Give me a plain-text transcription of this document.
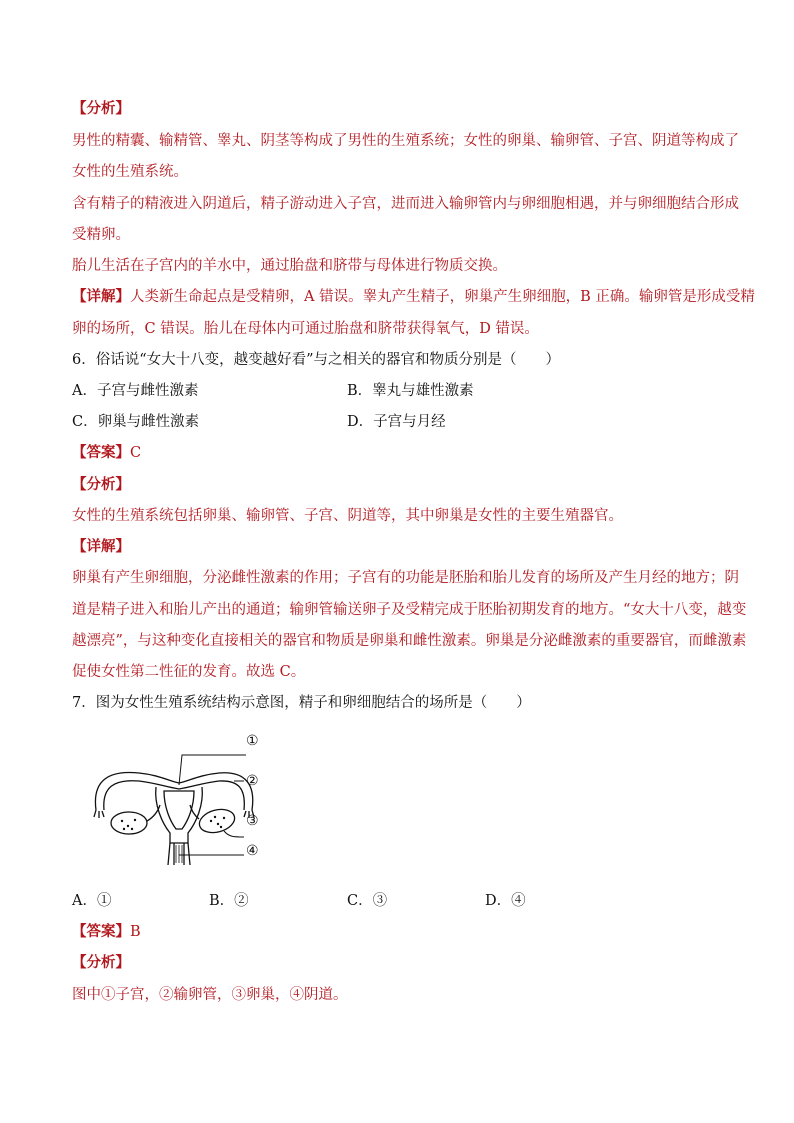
【分析】
男性的精囊、输精管、睾丸、阴茎等构成了男性的生殖系统；女性的卵巢、输卵管、子宫、阴道等构成了
女性的生殖系统。
含有精子的精液进入阴道后，精子游动进入子宫，进而进入输卵管内与卵细胞相遇，并与卵细胞结合形成
受精卵。
胎儿生活在子宫内的羊水中，通过胎盘和脐带与母体进行物质交换。
【详解】人类新生命起点是受精卵，A 错误。睾丸产生精子，卵巢产生卵细胞，B 正确。输卵管是形成受精
卵的场所，C 错误。胎儿在母体内可通过胎盘和脐带获得氧气，D 错误。
6．俗话说“女大十八变，越变越好看”与之相关的器官和物质分别是（　　）
A．子宫与雌性激素	B．睾丸与雄性激素
C．卵巢与雌性激素	D．子宫与月经
【答案】C
【分析】
女性的生殖系统包括卵巢、输卵管、子宫、阴道等，其中卵巢是女性的主要生殖器官。
【详解】
卵巢有产生卵细胞，分泌雌性激素的作用；子宫有的功能是胚胎和胎儿发育的场所及产生月经的地方；阴
道是精子进入和胎儿产出的通道；输卵管输送卵子及受精完成于胚胎初期发育的地方。“女大十八变，越变
越漂亮”，与这种变化直接相关的器官和物质是卵巢和雌性激素。卵巢是分泌雌激素的重要器官，而雌激素
促使女性第二性征的发育。故选 C。
7．图为女性生殖系统结构示意图，精子和卵细胞结合的场所是（　　）
①
②
③
④
A．①	B．②	C．③	D．④
【答案】B
【分析】
图中①子宫，②输卵管，③卵巢，④阴道。
